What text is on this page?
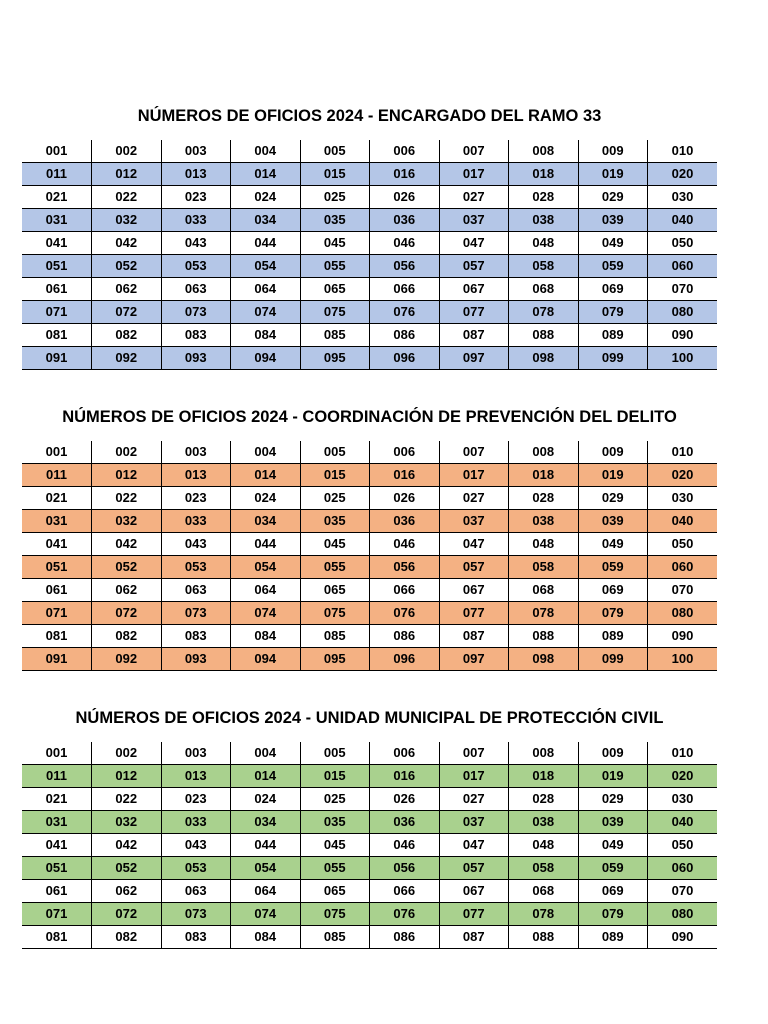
NÚMEROS DE OFICIOS 2024 - ENCARGADO DEL RAMO 33
001	002	003	004	005	006	007	008	009	010
011	012	013	014	015	016	017	018	019	020
021	022	023	024	025	026	027	028	029	030
031	032	033	034	035	036	037	038	039	040
041	042	043	044	045	046	047	048	049	050
051	052	053	054	055	056	057	058	059	060
061	062	063	064	065	066	067	068	069	070
071	072	073	074	075	076	077	078	079	080
081	082	083	084	085	086	087	088	089	090
091	092	093	094	095	096	097	098	099	100
NÚMEROS DE OFICIOS 2024 - COORDINACIÓN DE PREVENCIÓN DEL DELITO
001	002	003	004	005	006	007	008	009	010
011	012	013	014	015	016	017	018	019	020
021	022	023	024	025	026	027	028	029	030
031	032	033	034	035	036	037	038	039	040
041	042	043	044	045	046	047	048	049	050
051	052	053	054	055	056	057	058	059	060
061	062	063	064	065	066	067	068	069	070
071	072	073	074	075	076	077	078	079	080
081	082	083	084	085	086	087	088	089	090
091	092	093	094	095	096	097	098	099	100
NÚMEROS DE OFICIOS 2024 - UNIDAD MUNICIPAL DE PROTECCIÓN CIVIL
001	002	003	004	005	006	007	008	009	010
011	012	013	014	015	016	017	018	019	020
021	022	023	024	025	026	027	028	029	030
031	032	033	034	035	036	037	038	039	040
041	042	043	044	045	046	047	048	049	050
051	052	053	054	055	056	057	058	059	060
061	062	063	064	065	066	067	068	069	070
071	072	073	074	075	076	077	078	079	080
081	082	083	084	085	086	087	088	089	090
